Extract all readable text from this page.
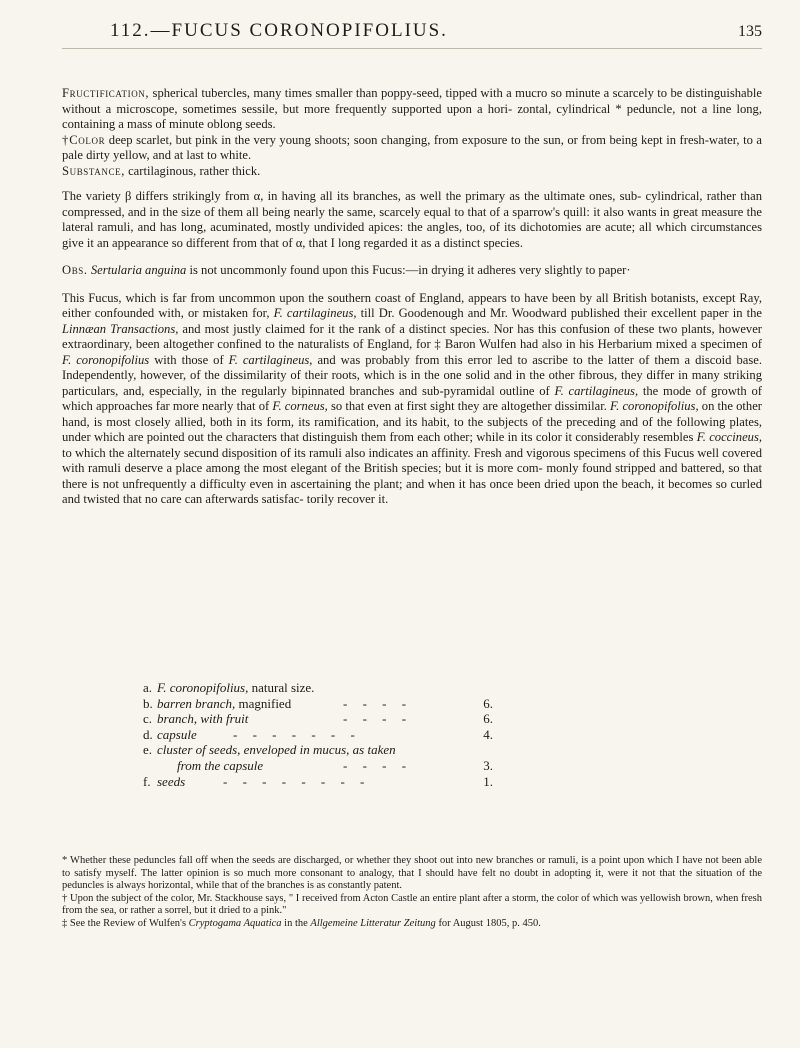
112.—FUCUS CORONOPIFOLIUS.	135

Fructification, spherical tubercles, many times smaller than poppy-seed, tipped with a mucro so minute a scarcely to be distinguishable without a microscope, sometimes sessile, but more frequently supported upon a hori- zontal, cylindrical * peduncle, not a line long, containing a mass of minute oblong seeds.

†Color deep scarlet, but pink in the very young shoots; soon changing, from exposure to the sun, or from being kept in fresh-water, to a pale dirty yellow, and at last to white.

Substance, cartilaginous, rather thick.

The variety β differs strikingly from α, in having all its branches, as well the primary as the ultimate ones, sub- cylindrical, rather than compressed, and in the size of them all being nearly the same, scarcely equal to that of a sparrow's quill: it also wants in great measure the lateral ramuli, and has long, acuminated, mostly undivided apices: the angles, too, of its dichotomies are acute; all which circumstances give it an appearance so different from that of α, that I long regarded it as a distinct species.

Obs. Sertularia anguina is not uncommonly found upon this Fucus:—in drying it adheres very slightly to paper·

This Fucus, which is far from uncommon upon the southern coast of England, appears to have been by all British botanists, except Ray, either confounded with, or mistaken for, F. cartilagineus, till Dr. Goodenough and Mr. Woodward published their excellent paper in the Linnæan Transactions, and most justly claimed for it the rank of a distinct species. Nor has this confusion of these two plants, however extraordinary, been altogether confined to the naturalists of England, for ‡ Baron Wulfen had also in his Herbarium mixed a specimen of F. coronopifolius with those of F. cartilagineus, and was probably from this error led to ascribe to the latter of them a discoid base. Independently, however, of the dissimilarity of their roots, which is in the one solid and in the other fibrous, they differ in many striking particulars, and, especially, in the regularly bipinnated branches and sub-pyramidal outline of F. cartilagineus, the mode of growth of which approaches far more nearly that of F. corneus, so that even at first sight they are altogether dissimilar. F. coronopifolius, on the other hand, is most closely allied, both in its form, its ramification, and its habit, to the subjects of the preceding and of the following plates, under which are pointed out the characters that distinguish them from each other; while in its color it considerably resembles F. coccineus, to which the alternately secund disposition of its ramuli also indicates an affinity. Fresh and vigorous specimens of this Fucus well covered with ramuli deserve a place among the most elegant of the British species; but it is more com- monly found stripped and battered, so that there is not unfrequently a difficulty even in ascertaining the plant; and when it has once been dried upon the beach, it becomes so curled and twisted that no care can afterwards satisfac- torily recover it.

a. F. coronopifolius, natural size.
b. barren branch, magnified	- - - -	6.
c. branch, with fruit	- - - -	6.
d. capsule	- - - - - - -	4.
e. cluster of seeds, enveloped in mucus, as taken
from the capsule	- - - -	3.
f. seeds	- - - - - - - -	1.

* Whether these peduncles fall off when the seeds are discharged, or whether they shoot out into new branches or ramuli, is a point upon which I have not been able to satisfy myself. The latter opinion is so much more consonant to analogy, that I should have felt no doubt in adopting it, were it not that the situation of the peduncles is always horizontal, while that of the branches is as constantly patent.

† Upon the subject of the color, Mr. Stackhouse says, " I received from Acton Castle an entire plant after a storm, the color of which was yellowish brown, when fresh from the sea, or rather a sorrel, but it dried to a pink."

‡ See the Review of Wulfen's Cryptogama Aquatica in the Allgemeine Litteratur Zeitung for August 1805, p. 450.
